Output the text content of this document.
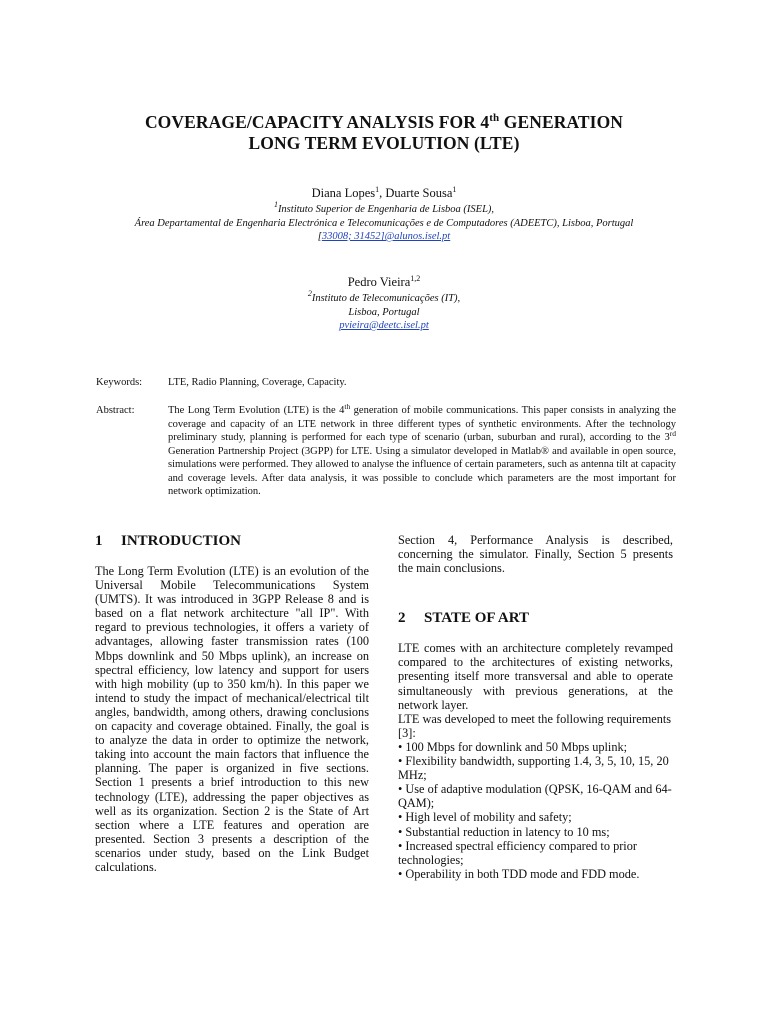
COVERAGE/CAPACITY ANALYSIS FOR 4th GENERATION
LONG TERM EVOLUTION (LTE)
Diana Lopes$^1$, Duarte Sousa$^1$
$^1$Instituto Superior de Engenharia de Lisboa (ISEL),
Área Departamental de Engenharia Electrónica e Telecomunicações e de Computadores (ADEETC), Lisboa, Portugal
[33008; 31452]@alunos.isel.pt
Pedro Vieira$^{1,2}$
$^2$Instituto de Telecomunicações (IT),
Lisboa, Portugal
pvieira@deetc.isel.pt
Keywords:	LTE, Radio Planning, Coverage, Capacity.
Abstract:	The Long Term Evolution (LTE) is the 4th generation of mobile communications. This paper consists in analyzing the coverage and capacity of an LTE network in three different types of synthetic environments. After the technology preliminary study, planning is performed for each type of scenario (urban, suburban and rural), according to the 3rd Generation Partnership Project (3GPP) for LTE. Using a simulator developed in Matlab® and available in open source, simulations were performed. They allowed to analyse the influence of certain parameters, such as antenna tilt at capacity and coverage levels. After data analysis, it was possible to conclude which parameters are the most important for network optimization.
1 INTRODUCTION

The Long Term Evolution (LTE) is an evolution of the Universal Mobile Telecommunications System (UMTS). It was introduced in 3GPP Release 8 and is based on a flat network architecture "all IP". With regard to previous technologies, it offers a variety of advantages, allowing faster transmission rates (100 Mbps downlink and 50 Mbps uplink), an increase on spectral efficiency, low latency and support for users with high mobility (up to 350 km/h). In this paper we intend to study the impact of mechanical/electrical tilt angles, bandwidth, among others, drawing conclusions on capacity and coverage obtained. Finally, the goal is to analyze the data in order to optimize the network, taking into account the main factors that influence the planning. The paper is organized in five sections. Section 1 presents a brief introduction to this new technology (LTE), addressing the paper objectives as well as its organization. Section 2 is the State of Art section where a LTE features and operation are presented. Section 3 presents a description of the scenarios under study, based on the Link Budget calculations.

Section 4, Performance Analysis is described, concerning the simulator. Finally, Section 5 presents the main conclusions.

2 STATE OF ART

LTE comes with an architecture completely revamped compared to the architectures of existing networks, presenting itself more transversal and able to operate simultaneously with previous generations, at the network layer.

LTE was developed to meet the following requirements [3]:

• 100 Mbps for downlink and 50 Mbps uplink;
• Flexibility bandwidth, supporting 1.4, 3, 5, 10, 15, 20 MHz;
• Use of adaptive modulation (QPSK, 16-QAM and 64-QAM);
• High level of mobility and safety;
• Substantial reduction in latency to 10 ms;
• Increased spectral efficiency compared to prior technologies;
• Operability in both TDD mode and FDD mode.
